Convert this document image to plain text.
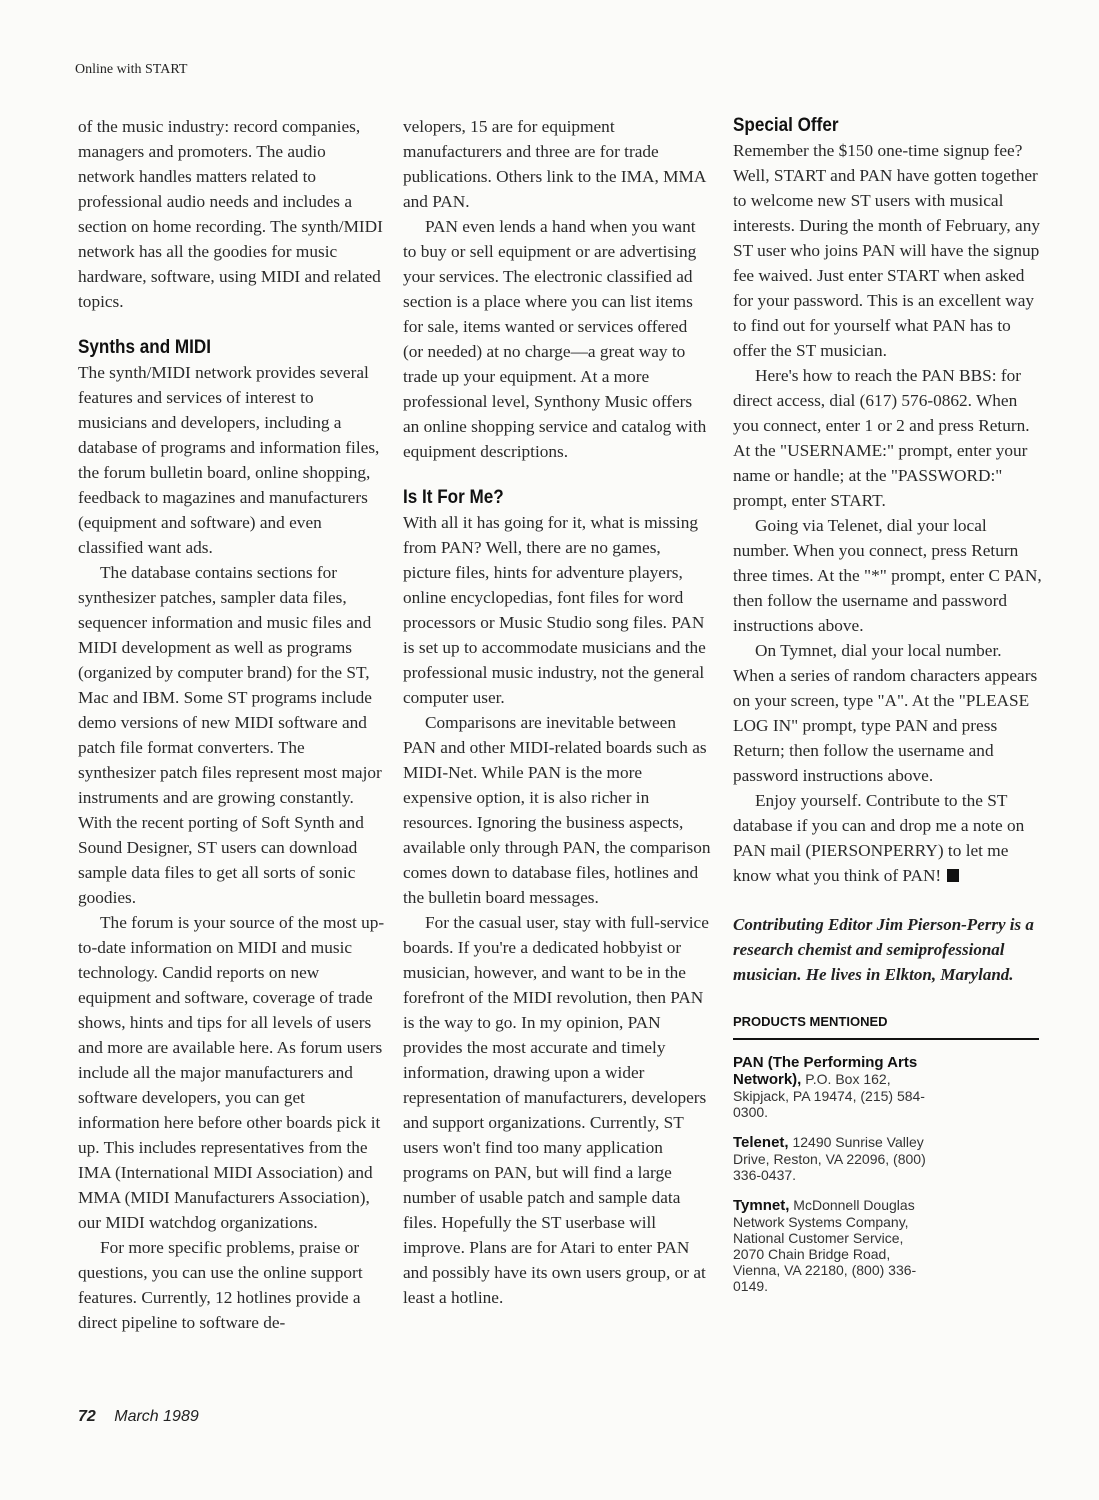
Online with START

of the music industry: record companies, managers and promoters. The audio network handles matters related to professional audio needs and includes a section on home recording. The synth/MIDI network has all the goodies for music hardware, software, using MIDI and related topics.

Synths and MIDI

The synth/MIDI network provides several features and services of interest to musicians and developers, including a database of programs and information files, the forum bulletin board, online shopping, feedback to magazines and manufacturers (equipment and software) and even classified want ads.

The database contains sections for synthesizer patches, sampler data files, sequencer information and music files and MIDI development as well as programs (organized by computer brand) for the ST, Mac and IBM. Some ST programs include demo versions of new MIDI software and patch file format converters. The synthesizer patch files represent most major instruments and are growing constantly. With the recent porting of Soft Synth and Sound Designer, ST users can download sample data files to get all sorts of sonic goodies.

The forum is your source of the most up-to-date information on MIDI and music technology. Candid reports on new equipment and software, coverage of trade shows, hints and tips for all levels of users and more are available here. As forum users include all the major manufacturers and software developers, you can get information here before other boards pick it up. This includes representatives from the IMA (International MIDI Association) and MMA (MIDI Manufacturers Association), our MIDI watchdog organizations.

For more specific problems, praise or questions, you can use the online support features. Currently, 12 hotlines provide a direct pipeline to software de-

velopers, 15 are for equipment manufacturers and three are for trade publications. Others link to the IMA, MMA and PAN.

PAN even lends a hand when you want to buy or sell equipment or are advertising your services. The electronic classified ad section is a place where you can list items for sale, items wanted or services offered (or needed) at no charge—a great way to trade up your equipment. At a more professional level, Synthony Music offers an online shopping service and catalog with equipment descriptions.

Is It For Me?

With all it has going for it, what is missing from PAN? Well, there are no games, picture files, hints for adventure players, online encyclopedias, font files for word processors or Music Studio song files. PAN is set up to accommodate musicians and the professional music industry, not the general computer user.

Comparisons are inevitable between PAN and other MIDI-related boards such as MIDI-Net. While PAN is the more expensive option, it is also richer in resources. Ignoring the business aspects, available only through PAN, the comparison comes down to database files, hotlines and the bulletin board messages.

For the casual user, stay with full-service boards. If you're a dedicated hobbyist or musician, however, and want to be in the forefront of the MIDI revolution, then PAN is the way to go. In my opinion, PAN provides the most accurate and timely information, drawing upon a wider representation of manufacturers, developers and support organizations. Currently, ST users won't find too many application programs on PAN, but will find a large number of usable patch and sample data files. Hopefully the ST userbase will improve. Plans are for Atari to enter PAN and possibly have its own users group, or at least a hotline.

Special Offer

Remember the $150 one-time signup fee? Well, START and PAN have gotten together to welcome new ST users with musical interests. During the month of February, any ST user who joins PAN will have the signup fee waived. Just enter START when asked for your password. This is an excellent way to find out for yourself what PAN has to offer the ST musician.

Here's how to reach the PAN BBS: for direct access, dial (617) 576-0862. When you connect, enter 1 or 2 and press Return. At the "USERNAME:" prompt, enter your name or handle; at the "PASSWORD:" prompt, enter START.

Going via Telenet, dial your local number. When you connect, press Return three times. At the "*" prompt, enter C PAN, then follow the username and password instructions above.

On Tymnet, dial your local number. When a series of random characters appears on your screen, type "A". At the "PLEASE LOG IN" prompt, type PAN and press Return; then follow the username and password instructions above.

Enjoy yourself. Contribute to the ST database if you can and drop me a note on PAN mail (PIERSONPERRY) to let me know what you think of PAN!

Contributing Editor Jim Pierson-Perry is a research chemist and semiprofessional musician. He lives in Elkton, Maryland.

PRODUCTS MENTIONED
PAN (The Performing Arts Network), P.O. Box 162, Skipjack, PA 19474, (215) 584-0300.
Telenet, 12490 Sunrise Valley Drive, Reston, VA 22096, (800) 336-0437.
Tymnet, McDonnell Douglas Network Systems Company, National Customer Service, 2070 Chain Bridge Road, Vienna, VA 22180, (800) 336-0149.
72 March 1989
